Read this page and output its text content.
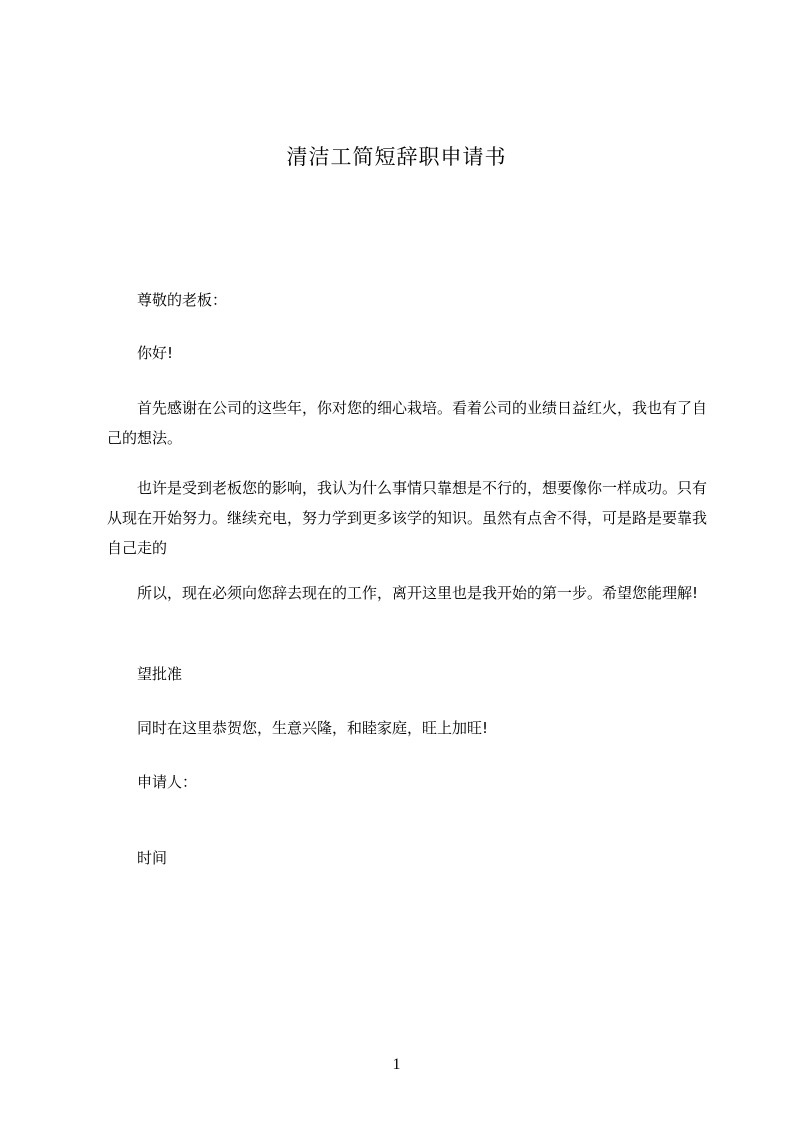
清洁工简短辞职申请书
尊敬的老板：
你好!

首先感谢在公司的这些年，你对您的细心栽培。看着公司的业绩日益红火，我也有了自己的想法。

也许是受到老板您的影响，我认为什么事情只靠想是不行的，想要像你一样成功。只有从现在开始努力。继续充电，努力学到更多该学的知识。虽然有点舍不得，可是路是要靠我自己走的

所以，现在必须向您辞去现在的工作，离开这里也是我开始的第一步。希望您能理解!

望批准
同时在这里恭贺您，生意兴隆，和睦家庭，旺上加旺!
申请人：
时间
1
